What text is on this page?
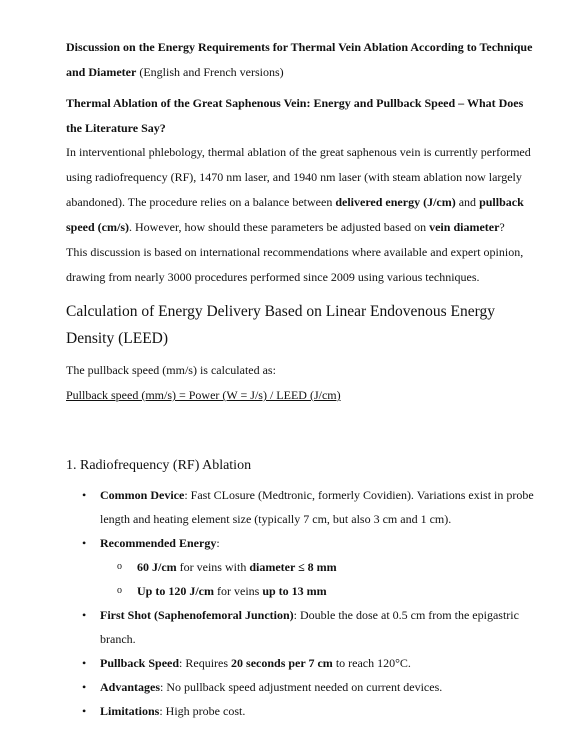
Discussion on the Energy Requirements for Thermal Vein Ablation According to Technique and Diameter (English and French versions)

Thermal Ablation of the Great Saphenous Vein: Energy and Pullback Speed – What Does the Literature Say?

In interventional phlebology, thermal ablation of the great saphenous vein is currently performed using radiofrequency (RF), 1470 nm laser, and 1940 nm laser (with steam ablation now largely abandoned). The procedure relies on a balance between delivered energy (J/cm) and pullback speed (cm/s). However, how should these parameters be adjusted based on vein diameter?

This discussion is based on international recommendations where available and expert opinion, drawing from nearly 3000 procedures performed since 2009 using various techniques.

Calculation of Energy Delivery Based on Linear Endovenous Energy Density (LEED)

The pullback speed (mm/s) is calculated as:

Pullback speed (mm/s) = Power (W = J/s) / LEED (J/cm)

1. Radiofrequency (RF) Ablation
• Common Device: Fast CLosure (Medtronic, formerly Covidien). Variations exist in probe length and heating element size (typically 7 cm, but also 3 cm and 1 cm).
• Recommended Energy:
o 60 J/cm for veins with diameter ≤ 8 mm
o Up to 120 J/cm for veins up to 13 mm
• First Shot (Saphenofemoral Junction): Double the dose at 0.5 cm from the epigastric branch.
• Pullback Speed: Requires 20 seconds per 7 cm to reach 120°C.
• Advantages: No pullback speed adjustment needed on current devices.
• Limitations: High probe cost.
